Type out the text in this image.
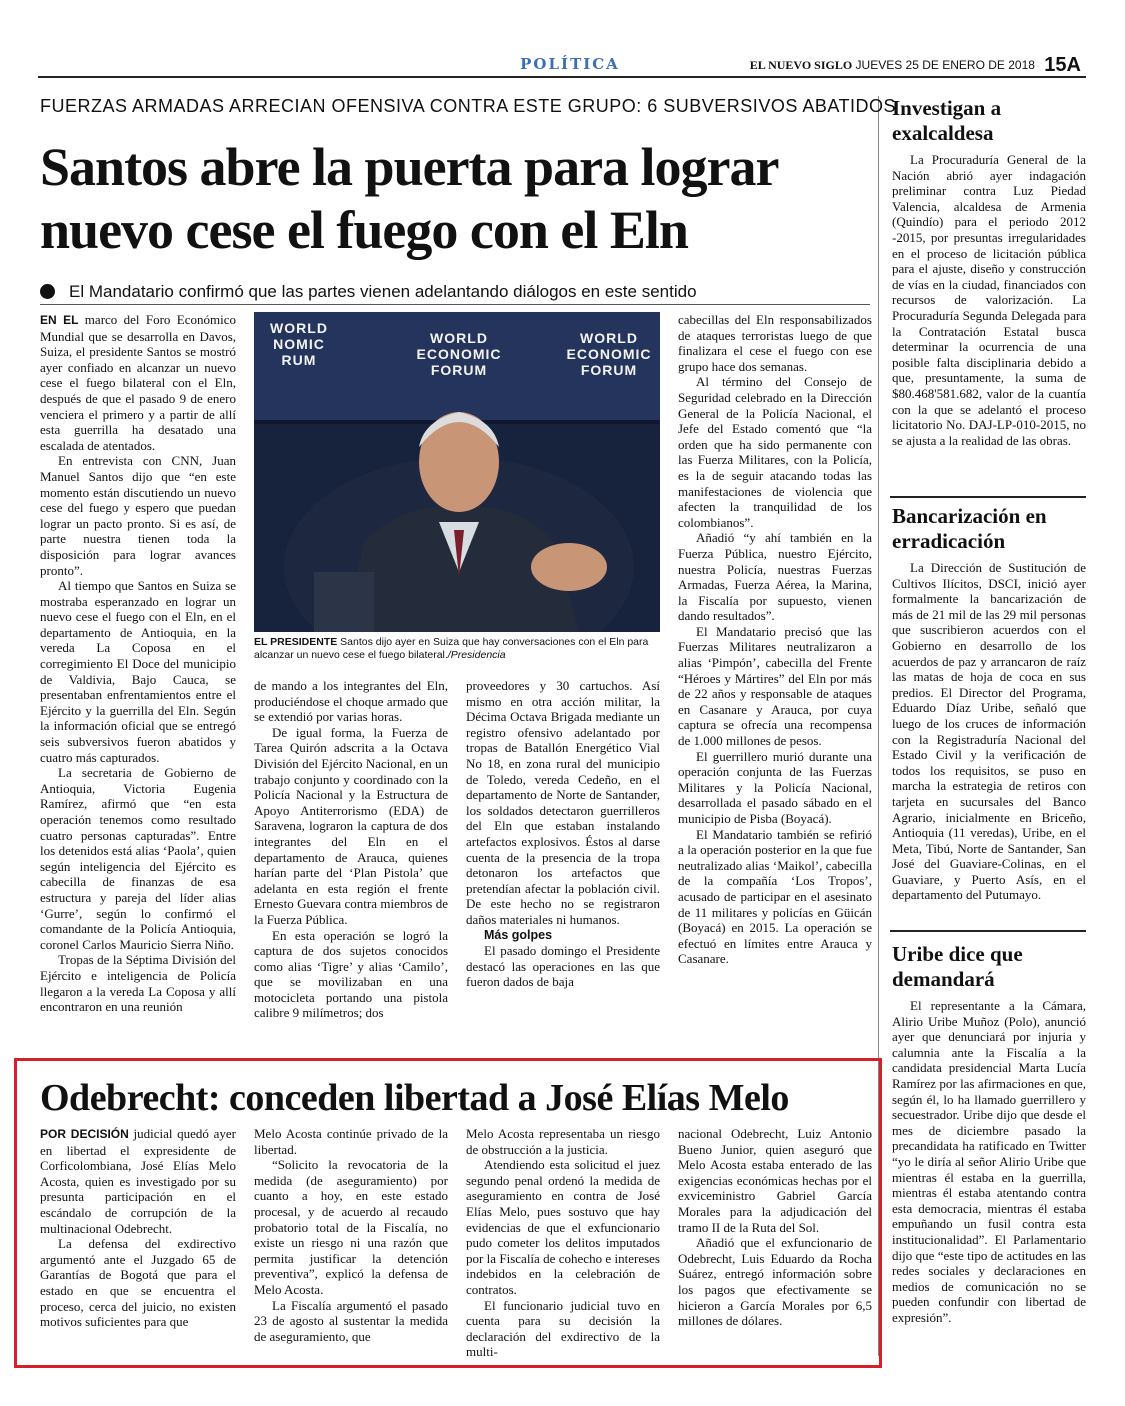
POLÍTICA	EL NUEVO SIGLO JUEVES 25 DE ENERO DE 2018 15A
FUERZAS ARMADAS ARRECIAN OFENSIVA CONTRA ESTE GRUPO: 6 SUBVERSIVOS ABATIDOS
Santos abre la puerta para lograr nuevo cese el fuego con el Eln
El Mandatario confirmó que las partes vienen adelantando diálogos en este sentido

EN EL marco del Foro Económico Mundial que se desarrolla en Davos, Suiza, el presidente Santos se mostró ayer confiado en alcanzar un nuevo cese el fuego bilateral con el Eln, después de que el pasado 9 de enero venciera el primero y a partir de allí esta guerrilla ha desatado una escalada de atentados.

En entrevista con CNN, Juan Manuel Santos dijo que “en este momento están discutiendo un nuevo cese del fuego y espero que puedan lograr un pacto pronto. Si es así, de parte nuestra tienen toda la disposición para lograr avances pronto”.

Al tiempo que Santos en Suiza se mostraba esperanzado en lograr un nuevo cese el fuego con el Eln, en el departamento de Antioquia, en la vereda La Coposa en el corregimiento El Doce del municipio de Valdivia, Bajo Cauca, se presentaban enfrentamientos entre el Ejército y la guerrilla del Eln. Según la información oficial que se entregó seis subversivos fueron abatidos y cuatro más capturados.

La secretaria de Gobierno de Antioquia, Victoria Eugenia Ramírez, afirmó que “en esta operación tenemos como resultado cuatro personas capturadas”. Entre los detenidos está alias ‘Paola’, quien según inteligencia del Ejército es cabecilla de finanzas de esa estructura y pareja del líder alias ‘Gurre’, según lo confirmó el comandante de la Policía Antioquia, coronel Carlos Mauricio Sierra Niño.

Tropas de la Séptima División del Ejército e inteligencia de Policía llegaron a la vereda La Coposa y allí encontraron en una reunión

WORLD
NOMIC
RUM
WORLD
ECONOMIC
FORUM
WORLD
ECONOMIC
FORUM
EL PRESIDENTE Santos dijo ayer en Suiza que hay conversaciones con el Eln para alcanzar un nuevo cese el fuego bilateral./Presidencia

cabecillas del Eln responsabilizados de ataques terroristas luego de que finalizara el cese el fuego con ese grupo hace dos semanas.

Al término del Consejo de Seguridad celebrado en la Dirección General de la Policía Nacional, el Jefe del Estado comentó que “la orden que ha sido permanente con las Fuerza Militares, con la Policía, es la de seguir atacando todas las manifestaciones de violencia que afecten la tranquilidad de los colombianos”.

Añadió “y ahí también en la Fuerza Pública, nuestro Ejército, nuestra Policía, nuestras Fuerzas Armadas, Fuerza Aérea, la Marina, la Fiscalía por supuesto, vienen dando resultados”.

El Mandatario precisó que las Fuerzas Militares neutralizaron a alias ‘Pimpón’, cabecilla del Frente “Héroes y Mártires” del Eln por más de 22 años y responsable de ataques en Casanare y Arauca, por cuya captura se ofrecía una recompensa de 1.000 millones de pesos.

El guerrillero murió durante una operación conjunta de las Fuerzas Militares y la Policía Nacional, desarrollada el pasado sábado en el municipio de Pisba (Boyacá).

El Mandatario también se refirió a la operación posterior en la que fue neutralizado alias ‘Maikol’, cabecilla de la compañía ‘Los Tropos’, acusado de participar en el asesinato de 11 militares y policías en Güicán (Boyacá) en 2015. La operación se efectuó en límites entre Arauca y Casanare.

de mando a los integrantes del Eln, produciéndose el choque armado que se extendió por varias horas.

De igual forma, la Fuerza de Tarea Quirón adscrita a la Octava División del Ejército Nacional, en un trabajo conjunto y coordinado con la Policía Nacional y la Estructura de Apoyo Antiterrorismo (EDA) de Saravena, lograron la captura de dos integrantes del Eln en el departamento de Arauca, quienes harían parte del ‘Plan Pistola’ que adelanta en esta región el frente Ernesto Guevara contra miembros de la Fuerza Pública.

En esta operación se logró la captura de dos sujetos conocidos como alias ‘Tigre’ y alias ‘Camilo’, que se movilizaban en una motocicleta portando una pistola calibre 9 milímetros; dos

proveedores y 30 cartuchos. Así mismo en otra acción militar, la Décima Octava Brigada mediante un registro ofensivo adelantado por tropas de Batallón Energético Vial No 18, en zona rural del municipio de Toledo, vereda Cedeño, en el departamento de Norte de Santander, los soldados detectaron guerrilleros del Eln que estaban instalando artefactos explosivos. Éstos al darse cuenta de la presencia de la tropa detonaron los artefactos que pretendían afectar la población civil. De este hecho no se registraron daños materiales ni humanos.

Más golpes

El pasado domingo el Presidente destacó las operaciones en las que fueron dados de baja

Investigan a exalcaldesa

La Procuraduría General de la Nación abrió ayer indagación preliminar contra Luz Piedad Valencia, alcaldesa de Armenia (Quindío) para el periodo 2012 -2015, por presuntas irregularidades en el proceso de licitación pública para el ajuste, diseño y construcción de vías en la ciudad, financiados con recursos de valorización. La Procuraduría Segunda Delegada para la Contratación Estatal busca determinar la ocurrencia de una posible falta disciplinaria debido a que, presuntamente, la suma de $80.468'581.682, valor de la cuantía con la que se adelantó el proceso licitatorio No. DAJ-LP-010-2015, no se ajusta a la realidad de las obras.

Bancarización en erradicación

La Dirección de Sustitución de Cultivos Ilícitos, DSCI, inició ayer formalmente la bancarización de más de 21 mil de las 29 mil personas que suscribieron acuerdos con el Gobierno en desarrollo de los acuerdos de paz y arrancaron de raíz las matas de hoja de coca en sus predios. El Director del Programa, Eduardo Díaz Uribe, señaló que luego de los cruces de información con la Registraduría Nacional del Estado Civil y la verificación de todos los requisitos, se puso en marcha la estrategia de retiros con tarjeta en sucursales del Banco Agrario, inicialmente en Briceño, Antioquia (11 veredas), Uribe, en el Meta, Tibú, Norte de Santander, San José del Guaviare-Colinas, en el Guaviare, y Puerto Asís, en el departamento del Putumayo.

Uribe dice que demandará

El representante a la Cámara, Alirio Uribe Muñoz (Polo), anunció ayer que denunciará por injuria y calumnia ante la Fiscalía a la candidata presidencial Marta Lucía Ramírez por las afirmaciones en que, según él, lo ha llamado guerrillero y secuestrador. Uribe dijo que desde el mes de diciembre pasado la precandidata ha ratificado en Twitter “yo le diría al señor Alirio Uribe que mientras él estaba en la guerrilla, mientras él estaba atentando contra esta democracia, mientras él estaba empuñando un fusil contra esta institucionalidad”. El Parlamentario dijo que “este tipo de actitudes en las redes sociales y declaraciones en medios de comunicación no se pueden confundir con libertad de expresión”.

Odebrecht: conceden libertad a José Elías Melo

POR DECISIÓN judicial quedó ayer en libertad el expresidente de Corficolombiana, José Elías Melo Acosta, quien es investigado por su presunta participación en el escándalo de corrupción de la multinacional Odebrecht.

La defensa del exdirectivo argumentó ante el Juzgado 65 de Garantías de Bogotá que para el estado en que se encuentra el proceso, cerca del juicio, no existen motivos suficientes para que

Melo Acosta continúe privado de la libertad.

“Solicito la revocatoria de la medida (de aseguramiento) por cuanto a hoy, en este estado procesal, y de acuerdo al recaudo probatorio total de la Fiscalía, no existe un riesgo ni una razón que permita justificar la detención preventiva”, explicó la defensa de Melo Acosta.

La Fiscalía argumentó el pasado 23 de agosto al sustentar la medida de aseguramiento, que

Melo Acosta representaba un riesgo de obstrucción a la justicia.

Atendiendo esta solicitud el juez segundo penal ordenó la medida de aseguramiento en contra de José Elías Melo, pues sostuvo que hay evidencias de que el exfuncionario pudo cometer los delitos imputados por la Fiscalía de cohecho e intereses indebidos en la celebración de contratos.

El funcionario judicial tuvo en cuenta para su decisión la declaración del exdirectivo de la multi-

nacional Odebrecht, Luiz Antonio Bueno Junior, quien aseguró que Melo Acosta estaba enterado de las exigencias económicas hechas por el exviceministro Gabriel García Morales para la adjudicación del tramo II de la Ruta del Sol.

Añadió que el exfuncionario de Odebrecht, Luis Eduardo da Rocha Suárez, entregó información sobre los pagos que efectivamente se hicieron a García Morales por 6,5 millones de dólares.
